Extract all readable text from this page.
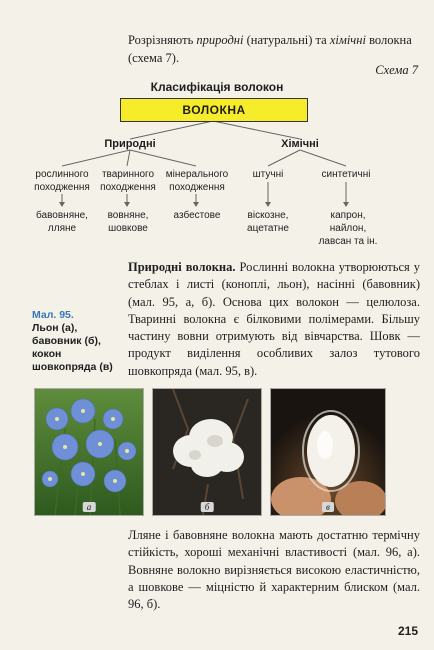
Розрізняють природні (натуральні) та хімічні волокна (схема 7).
Схема 7
Класифікація волокон
ВОЛОКНА
Природні	Хімічні
рослинного
походження
тваринного
походження
мінерального
походження
штучні	синтетичні
бавовняне,
лляне
вовняне,
шовкове
азбестове	віскозне,
ацетатне
капрон,
найлон,
лавсан та ін.
Природні волокна. Рослинні волокна утворюються у стеблах і листі (коноплі, льон), насінні (бавовник) (мал. 95, а, б). Основа цих волокон — целюлоза. Тваринні волокна є білковими полімерами. Більшу частину вовни отримують від вівчарства. Шовк — продукт виділення особливих залоз тутового шовкопряда (мал. 95, в).
Мал. 95.
Льон (а),
бавовник (б),
кокон
шовкопряда (в)
а	б	в
Лляне і бавовняне волокна мають достатню термічну стійкість, хороші механічні властивості (мал. 96, а). Вовняне волокно вирізняється високою еластичністю, а шовкове — міцністю й характерним блиском (мал. 96, б).
215
